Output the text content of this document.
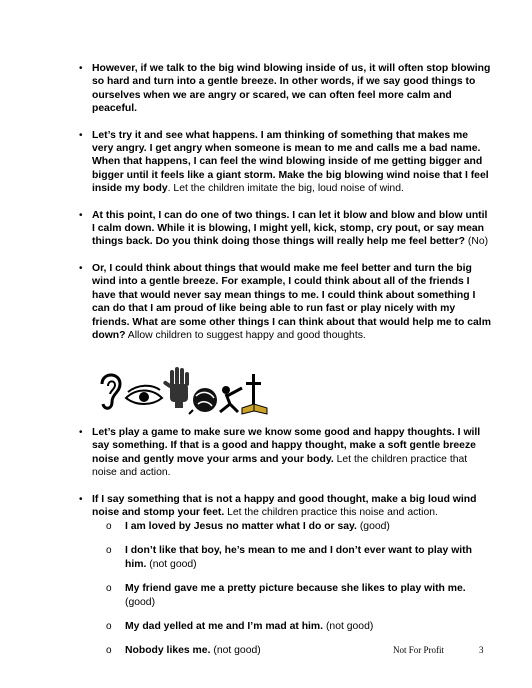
• However, if we talk to the big wind blowing inside of us, it will often stop blowing so hard and turn into a gentle breeze. In other words, if we say good things to ourselves when we are angry or scared, we can often feel more calm and peaceful.
• Let’s try it and see what happens. I am thinking of something that makes me very angry. I get angry when someone is mean to me and calls me a bad name. When that happens, I can feel the wind blowing inside of me getting bigger and bigger until it feels like a giant storm. Make the big blowing wind noise that I feel inside my body. Let the children imitate the big, loud noise of wind.
• At this point, I can do one of two things. I can let it blow and blow and blow until I calm down. While it is blowing, I might yell, kick, stomp, cry pout, or say mean things back. Do you think doing those things will really help me feel better? (No)
• Or, I could think about things that would make me feel better and turn the big wind into a gentle breeze. For example, I could think about all of the friends I have that would never say mean things to me. I could think about something I can do that I am proud of like being able to run fast or play nicely with my friends. What are some other things I can think about that would help me to calm down? Allow children to suggest happy and good thoughts.
• Let’s play a game to make sure we know some good and happy thoughts. I will say something. If that is a good and happy thought, make a soft gentle breeze noise and gently move your arms and your body. Let the children practice that noise and action.
• If I say something that is not a happy and good thought, make a big loud wind noise and stomp your feet. Let the children practice this noise and action.
o I am loved by Jesus no matter what I do or say. (good)
o I don’t like that boy, he’s mean to me and I don’t ever want to play with him. (not good)
o My friend gave me a pretty picture because she likes to play with me. (good)
o My dad yelled at me and I’m mad at him. (not good)
o Nobody likes me. (not good)	Not For Profit	3
